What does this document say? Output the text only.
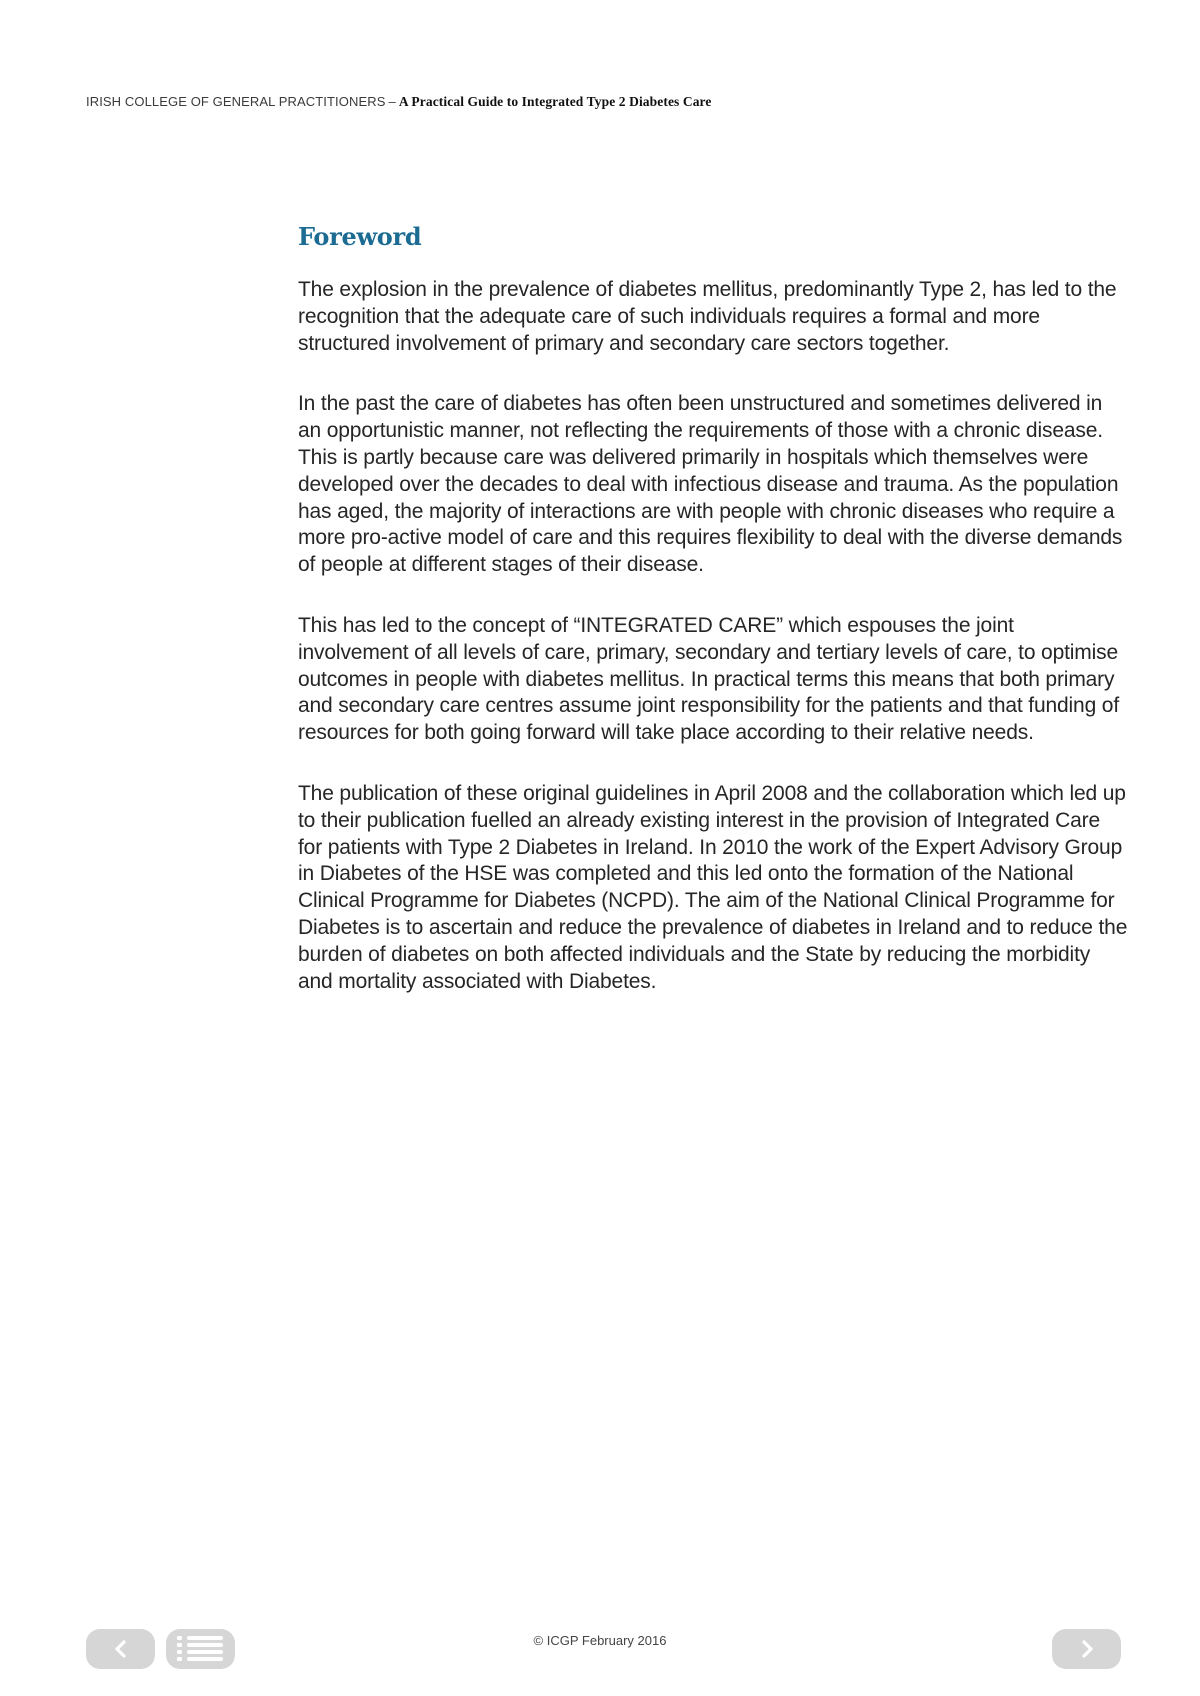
IRISH COLLEGE OF GENERAL PRACTITIONERS – A Practical Guide to Integrated Type 2 Diabetes Care
Foreword

The explosion in the prevalence of diabetes mellitus, predominantly Type 2, has led to the recognition that the adequate care of such individuals requires a formal and more structured involvement of primary and secondary care sectors together.

In the past the care of diabetes has often been unstructured and sometimes delivered in an opportunistic manner, not reflecting the requirements of those with a chronic disease. This is partly because care was delivered primarily in hospitals which themselves were developed over the decades to deal with infectious disease and trauma. As the population has aged, the majority of interactions are with people with chronic diseases who require a more pro-active model of care and this requires flexibility to deal with the diverse demands of people at different stages of their disease.

This has led to the concept of “INTEGRATED CARE” which espouses the joint involvement of all levels of care, primary, secondary and tertiary levels of care, to optimise outcomes in people with diabetes mellitus. In practical terms this means that both primary and secondary care centres assume joint responsibility for the patients and that funding of resources for both going forward will take place according to their relative needs.

The publication of these original guidelines in April 2008 and the collaboration which led up to their publication fuelled an already existing interest in the provision of Integrated Care for patients with Type 2 Diabetes in Ireland. In 2010 the work of the Expert Advisory Group in Diabetes of the HSE was completed and this led onto the formation of the National Clinical Programme for Diabetes (NCPD). The aim of the National Clinical Programme for Diabetes is to ascertain and reduce the prevalence of diabetes in Ireland and to reduce the burden of diabetes on both affected individuals and the State by reducing the morbidity and mortality associated with Diabetes.

© ICGP February 2016
